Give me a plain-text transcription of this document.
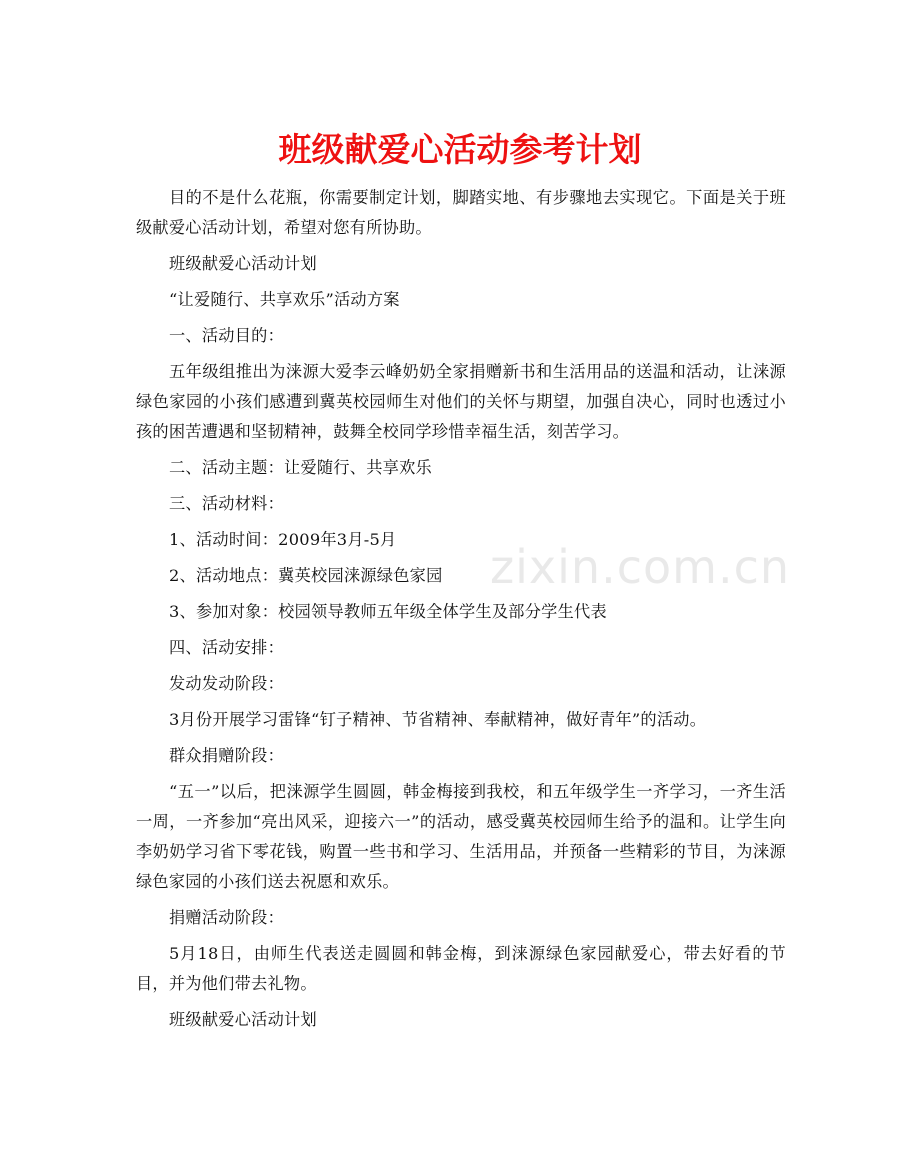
班级献爱心活动参考计划

目的不是什么花瓶，你需要制定计划，脚踏实地、有步骤地去实现它。下面是关于班级献爱心活动计划，希望对您有所协助。

班级献爱心活动计划

“让爱随行、共享欢乐”活动方案

一、活动目的：

五年级组推出为涞源大爱李云峰奶奶全家捐赠新书和生活用品的送温和活动，让涞源绿色家园的小孩们感遭到冀英校园师生对他们的关怀与期望，加强自决心，同时也透过小孩的困苦遭遇和坚韧精神，鼓舞全校同学珍惜幸福生活，刻苦学习。

二、活动主题：让爱随行、共享欢乐

三、活动材料：

1、活动时间：2009年3月-5月

2、活动地点：冀英校园涞源绿色家园

3、参加对象：校园领导教师五年级全体学生及部分学生代表

四、活动安排：

发动发动阶段：

3月份开展学习雷锋“钉子精神、节省精神、奉献精神，做好青年”的活动。

群众捐赠阶段：

“五一”以后，把涞源学生圆圆，韩金梅接到我校，和五年级学生一齐学习，一齐生活一周，一齐参加“亮出风采，迎接六一”的活动，感受冀英校园师生给予的温和。让学生向李奶奶学习省下零花钱，购置一些书和学习、生活用品，并预备一些精彩的节目，为涞源绿色家园的小孩们送去祝愿和欢乐。

捐赠活动阶段：

5月18日，由师生代表送走圆圆和韩金梅，到涞源绿色家园献爱心，带去好看的节目，并为他们带去礼物。

班级献爱心活动计划

zixin.com.cn
